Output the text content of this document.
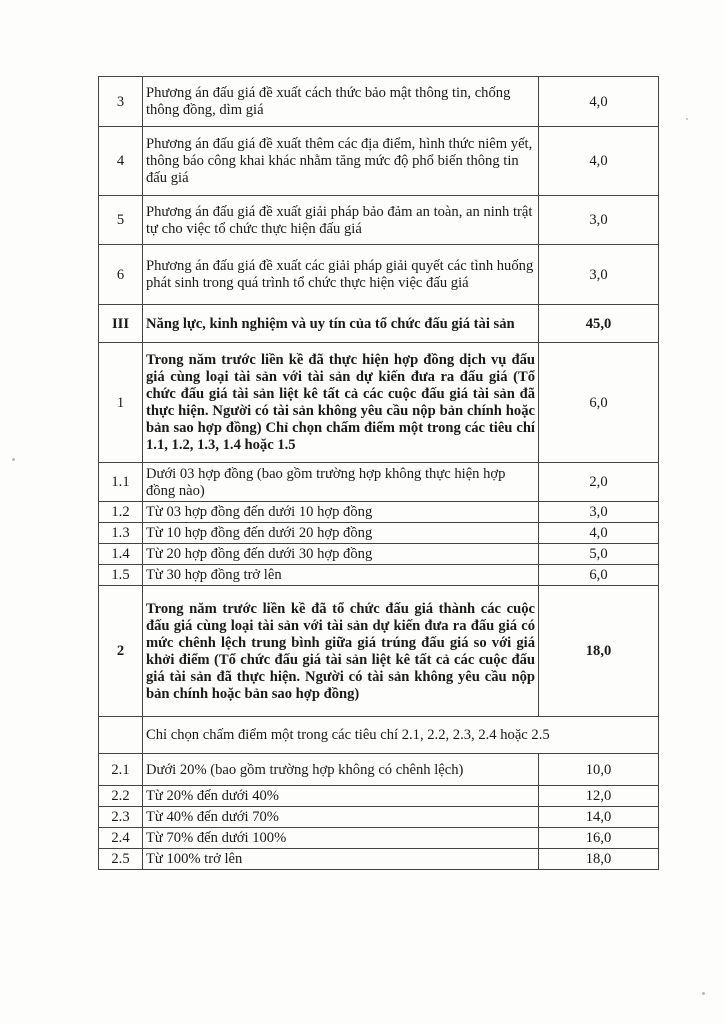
3	Phương án đấu giá đề xuất cách thức bảo mật thông tin, chống thông đồng, dìm giá	4,0
4	Phương án đấu giá đề xuất thêm các địa điểm, hình thức niêm yết, thông báo công khai khác nhằm tăng mức độ phổ biến thông tin đấu giá	4,0
5	Phương án đấu giá đề xuất giải pháp bảo đảm an toàn, an ninh trật tự cho việc tổ chức thực hiện đấu giá	3,0
6	Phương án đấu giá đề xuất các giải pháp giải quyết các tình huống phát sinh trong quá trình tổ chức thực hiện việc đấu giá	3,0
III	Năng lực, kinh nghiệm và uy tín của tổ chức đấu giá tài sản	45,0
1	Trong năm trước liền kề đã thực hiện hợp đồng dịch vụ đấu giá cùng loại tài sản với tài sản dự kiến đưa ra đấu giá (Tổ chức đấu giá tài sản liệt kê tất cả các cuộc đấu giá tài sản đã thực hiện. Người có tài sản không yêu cầu nộp bản chính hoặc bản sao hợp đồng) Chỉ chọn chấm điểm một trong các tiêu chí 1.1, 1.2, 1.3, 1.4 hoặc 1.5	6,0
1.1	Dưới 03 hợp đồng (bao gồm trường hợp không thực hiện hợp đồng nào)	2,0
1.2	Từ 03 hợp đồng đến dưới 10 hợp đồng	3,0
1.3	Từ 10 hợp đồng đến dưới 20 hợp đồng	4,0
1.4	Từ 20 hợp đồng đến dưới 30 hợp đồng	5,0
1.5	Từ 30 hợp đồng trở lên	6,0
2	Trong năm trước liền kề đã tổ chức đấu giá thành các cuộc đấu giá cùng loại tài sản với tài sản dự kiến đưa ra đấu giá có mức chênh lệch trung bình giữa giá trúng đấu giá so với giá khởi điểm (Tổ chức đấu giá tài sản liệt kê tất cả các cuộc đấu giá tài sản đã thực hiện. Người có tài sản không yêu cầu nộp bản chính hoặc bản sao hợp đồng)	18,0
	Chỉ chọn chấm điểm một trong các tiêu chí 2.1, 2.2, 2.3, 2.4 hoặc 2.5	
2.1	Dưới 20% (bao gồm trường hợp không có chênh lệch)	10,0
2.2	Từ 20% đến dưới 40%	12,0
2.3	Từ 40% đến dưới 70%	14,0
2.4	Từ 70% đến dưới 100%	16,0
2.5	Từ 100% trở lên	18,0
